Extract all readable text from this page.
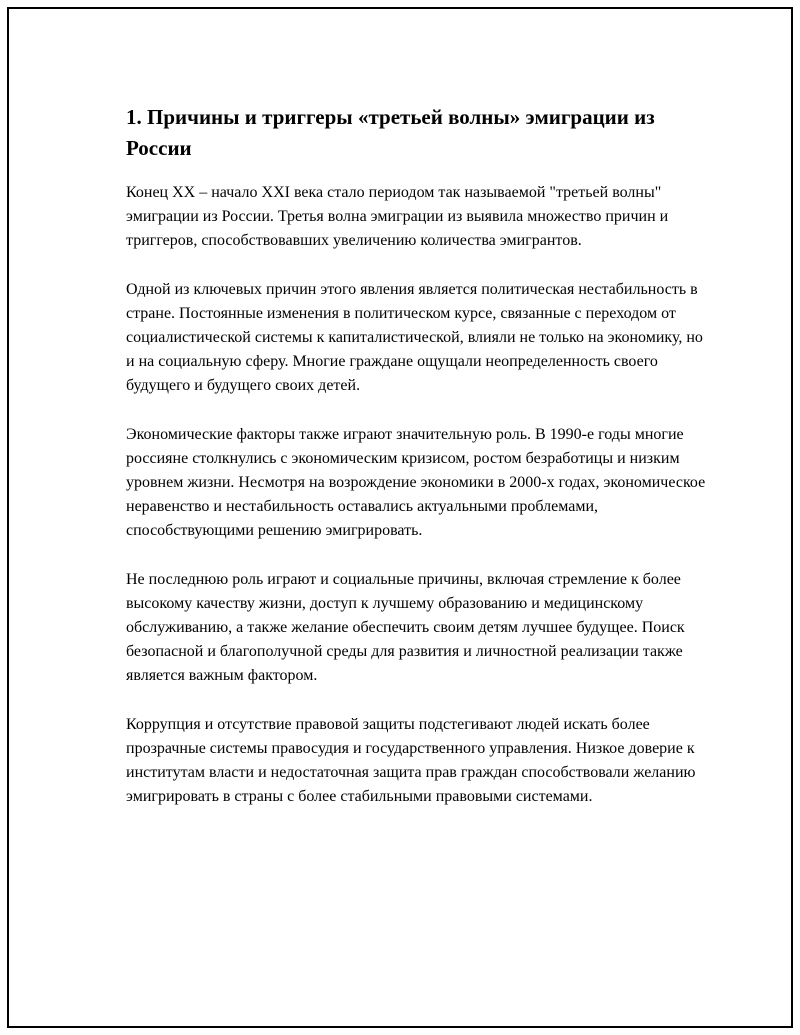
1. Причины и триггеры «третьей волны» эмиграции из России

Конец XX – начало XXI века стало периодом так называемой "третьей волны" эмиграции из России. Третья волна эмиграции из выявила множество причин и триггеров, способствовавших увеличению количества эмигрантов.

Одной из ключевых причин этого явления является политическая нестабильность в стране. Постоянные изменения в политическом курсе, связанные с переходом от социалистической системы к капиталистической, влияли не только на экономику, но и на социальную сферу. Многие граждане ощущали неопределенность своего будущего и будущего своих детей.

Экономические факторы также играют значительную роль. В 1990-е годы многие россияне столкнулись с экономическим кризисом, ростом безработицы и низким уровнем жизни. Несмотря на возрождение экономики в 2000-х годах, экономическое неравенство и нестабильность оставались актуальными проблемами, способствующими решению эмигрировать.

Не последнюю роль играют и социальные причины, включая стремление к более высокому качеству жизни, доступ к лучшему образованию и медицинскому обслуживанию, а также желание обеспечить своим детям лучшее будущее. Поиск безопасной и благополучной среды для развития и личностной реализации также является важным фактором.

Коррупция и отсутствие правовой защиты подстегивают людей искать более прозрачные системы правосудия и государственного управления. Низкое доверие к институтам власти и недостаточная защита прав граждан способствовали желанию эмигрировать в страны с более стабильными правовыми системами.
